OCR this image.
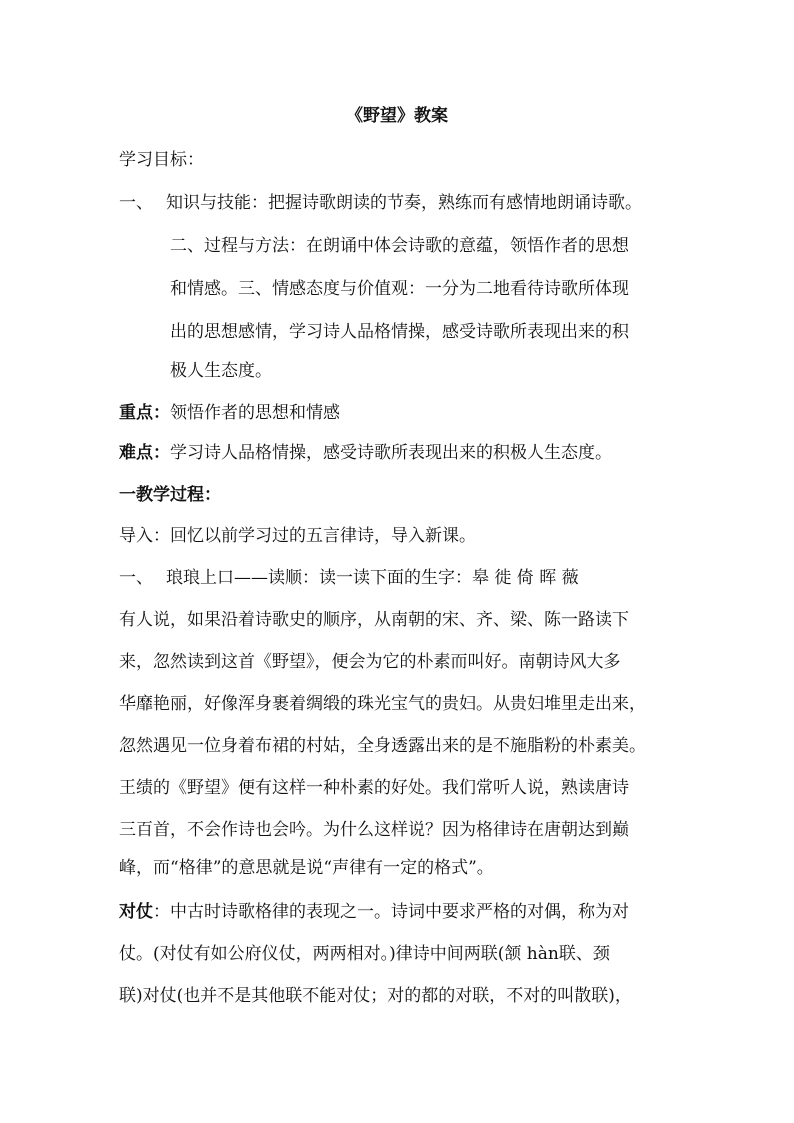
《野望》教案
学习目标：
一、 知识与技能：把握诗歌朗读的节奏，熟练而有感情地朗诵诗歌。
二、过程与方法：在朗诵中体会诗歌的意蕴，领悟作者的思想
和情感。三、情感态度与价值观：一分为二地看待诗歌所体现
出的思想感情，学习诗人品格情操，感受诗歌所表现出来的积
极人生态度。
重点：领悟作者的思想和情感
难点：学习诗人品格情操，感受诗歌所表现出来的积极人生态度。
一教学过程：
导入：回忆以前学习过的五言律诗，导入新课。
一、 琅琅上口——读顺：读一读下面的生字：皋 徙 倚 晖 薇
有人说，如果沿着诗歌史的顺序，从南朝的宋、齐、梁、陈一路读下
来，忽然读到这首《野望》，便会为它的朴素而叫好。南朝诗风大多
华靡艳丽，好像浑身裹着绸缎的珠光宝气的贵妇。从贵妇堆里走出来，
忽然遇见一位身着布裙的村姑，全身透露出来的是不施脂粉的朴素美。
王绩的《野望》便有这样一种朴素的好处。我们常听人说，熟读唐诗
三百首，不会作诗也会吟。为什么这样说？因为格律诗在唐朝达到巅
峰，而“格律”的意思就是说“声律有一定的格式”。
对仗：中古时诗歌格律的表现之一。诗词中要求严格的对偶，称为对
仗。(对仗有如公府仪仗，两两相对。)律诗中间两联(颔 hàn联、颈
联)对仗(也并不是其他联不能对仗；对的都的对联，不对的叫散联)，
